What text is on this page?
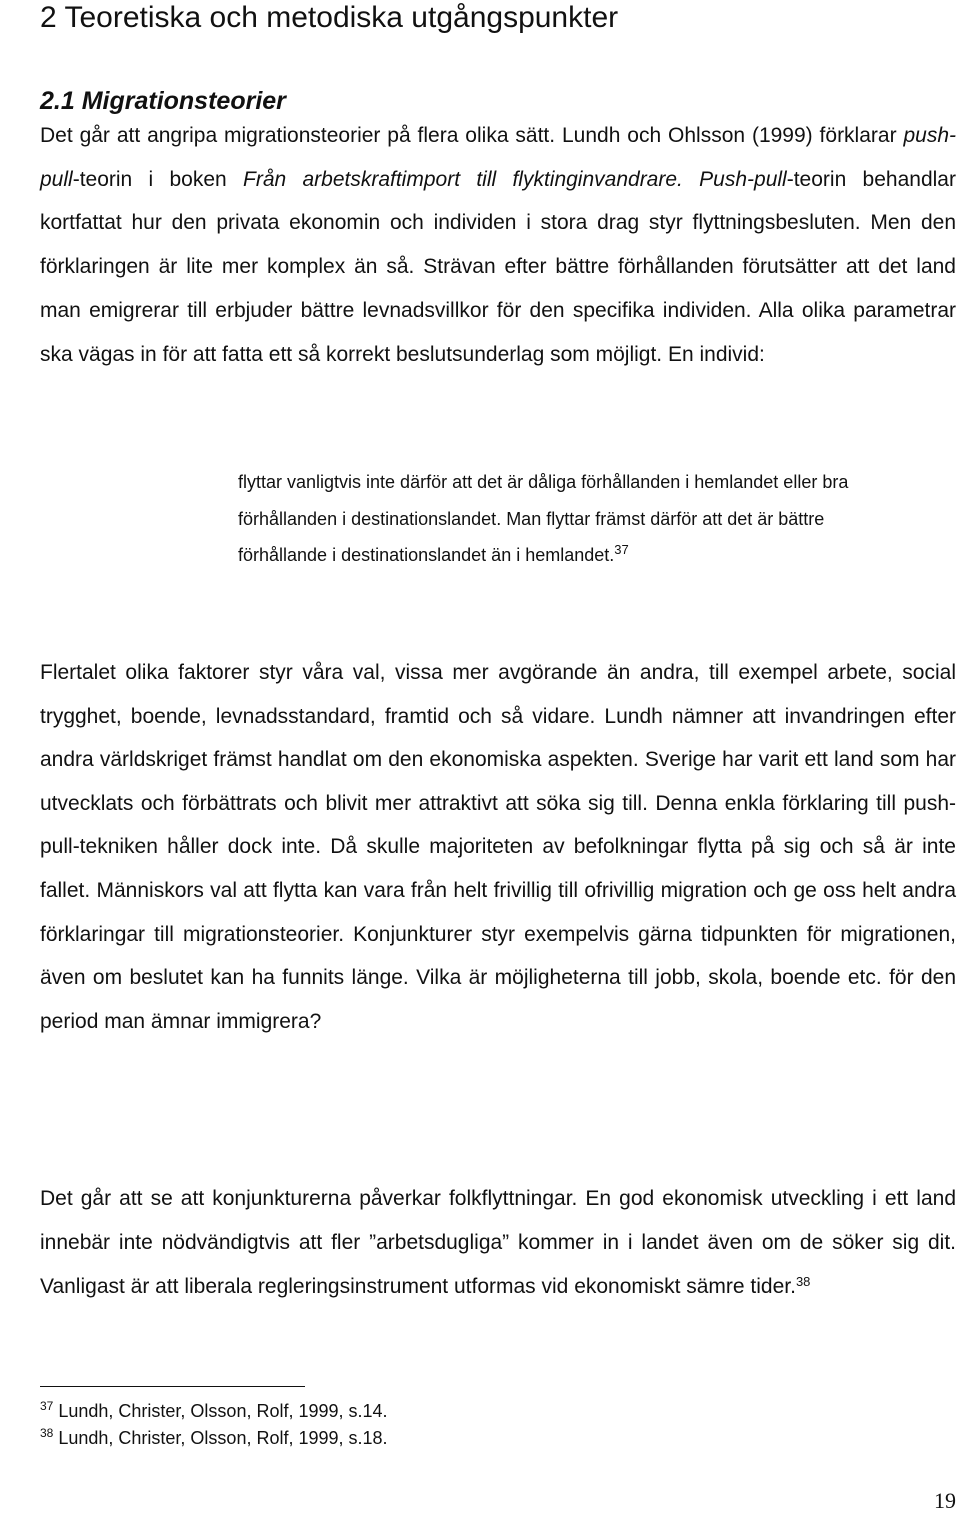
2 Teoretiska och metodiska utgångspunkter
2.1 Migrationsteorier

Det går att angripa migrationsteorier på flera olika sätt. Lundh och Ohlsson (1999) förklarar push-pull-teorin i boken Från arbetskraftimport till flyktinginvandrare. Push-pull-teorin behandlar kortfattat hur den privata ekonomin och individen i stora drag styr flyttningsbesluten. Men den förklaringen är lite mer komplex än så. Strävan efter bättre förhållanden förutsätter att det land man emigrerar till erbjuder bättre levnadsvillkor för den specifika individen. Alla olika parametrar ska vägas in för att fatta ett så korrekt beslutsunderlag som möjligt. En individ:

flyttar vanligtvis inte därför att det är dåliga förhållanden i hemlandet eller bra förhållanden i destinationslandet. Man flyttar främst därför att det är bättre förhållande i destinationslandet än i hemlandet.$^{37}$

Flertalet olika faktorer styr våra val, vissa mer avgörande än andra, till exempel arbete, social trygghet, boende, levnadsstandard, framtid och så vidare. Lundh nämner att invandringen efter andra världskriget främst handlat om den ekonomiska aspekten. Sverige har varit ett land som har utvecklats och förbättrats och blivit mer attraktivt att söka sig till. Denna enkla förklaring till push-pull-tekniken håller dock inte. Då skulle majoriteten av befolkningar flytta på sig och så är inte fallet. Människors val att flytta kan vara från helt frivillig till ofrivillig migration och ge oss helt andra förklaringar till migrationsteorier. Konjunkturer styr exempelvis gärna tidpunkten för migrationen, även om beslutet kan ha funnits länge. Vilka är möjligheterna till jobb, skola, boende etc. för den period man ämnar immigrera?

Det går att se att konjunkturerna påverkar folkflyttningar. En god ekonomisk utveckling i ett land innebär inte nödvändigtvis att fler ”arbetsdugliga” kommer in i landet även om de söker sig dit. Vanligast är att liberala regleringsinstrument utformas vid ekonomiskt sämre tider.$^{38}$

$^{37}$ Lundh, Christer, Olsson, Rolf, 1999, s.14.
$^{38}$ Lundh, Christer, Olsson, Rolf, 1999, s.18.
19
